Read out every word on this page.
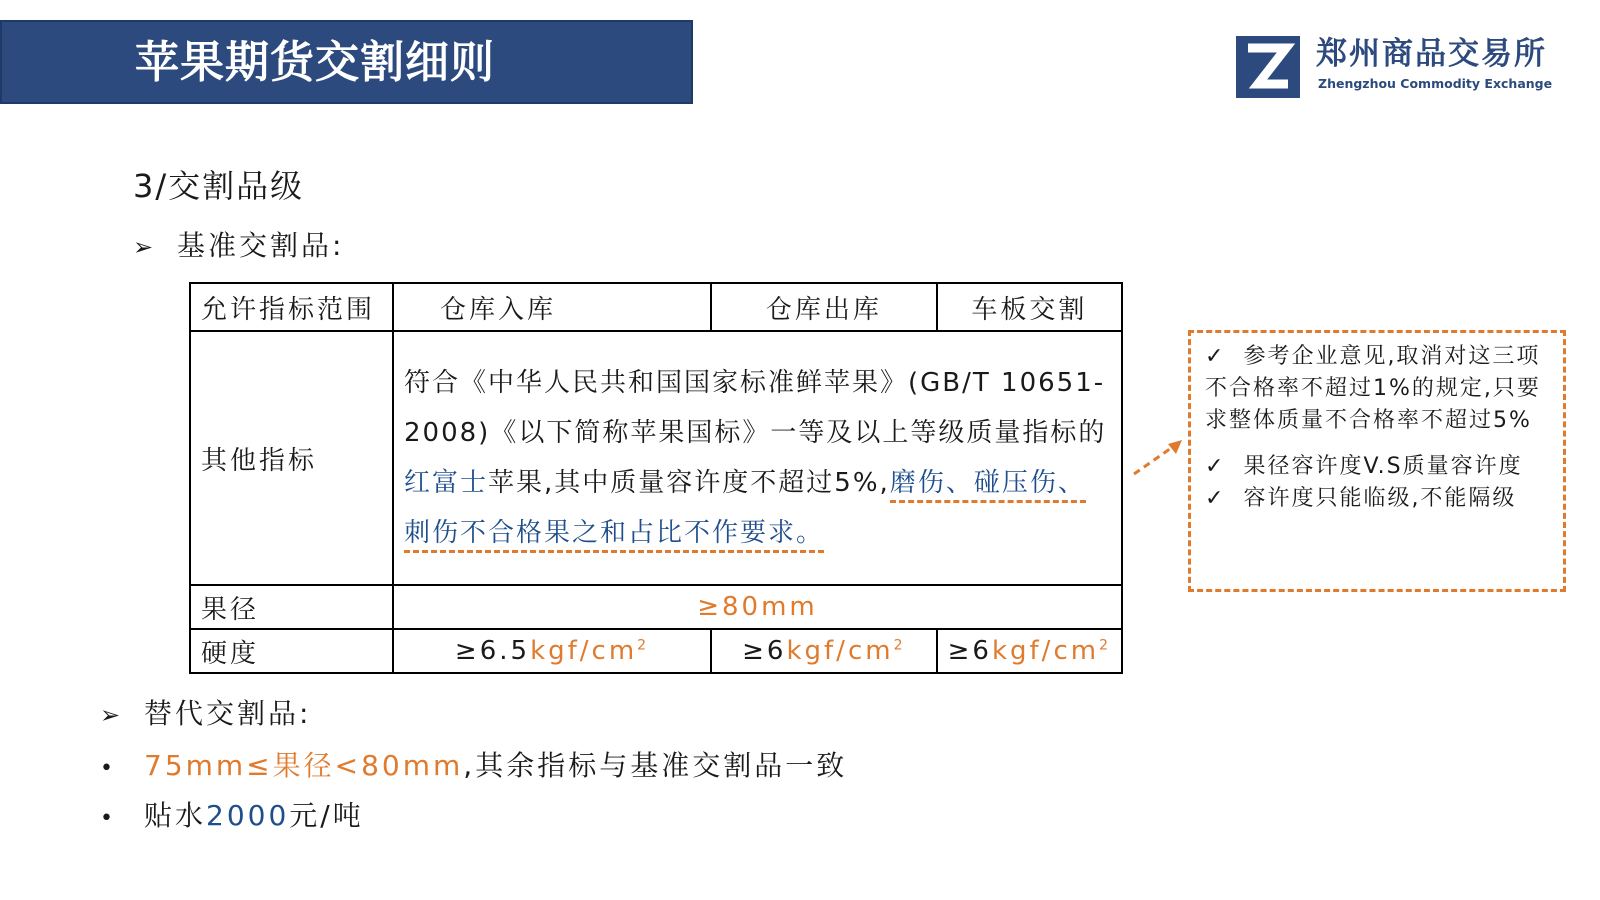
苹果期货交割细则	郑州商品交易所
Zhengzhou Commodity Exchange
3/交割品级
➢ 基准交割品:
允许指标范围	仓库入库	仓库出库	车板交割
其他指标	符合《中华人民共和国国家标准鲜苹果》(GB/T 10651-2008)《以下简称苹果国标》一等及以上等级质量指标的红富士苹果,其中质量容许度不超过5%,磨伤、碰压伤、刺伤不合格果之和占比不作要求。		
果径	≥80mm		
硬度	$\ge 6.5kgf/cm^2$	$\ge 6kgf/cm^2$	$\ge 6kgf/cm^2$
✓ 参考企业意见,取消对这三项不合格率不超过1%的规定,只要求整体质量不合格率不超过5%
✓ 果径容许度V.S质量容许度
✓ 容许度只能临级,不能隔级
➢ 替代交割品:
• 75mm≤果径<80mm,其余指标与基准交割品一致
• 贴水2000元/吨
